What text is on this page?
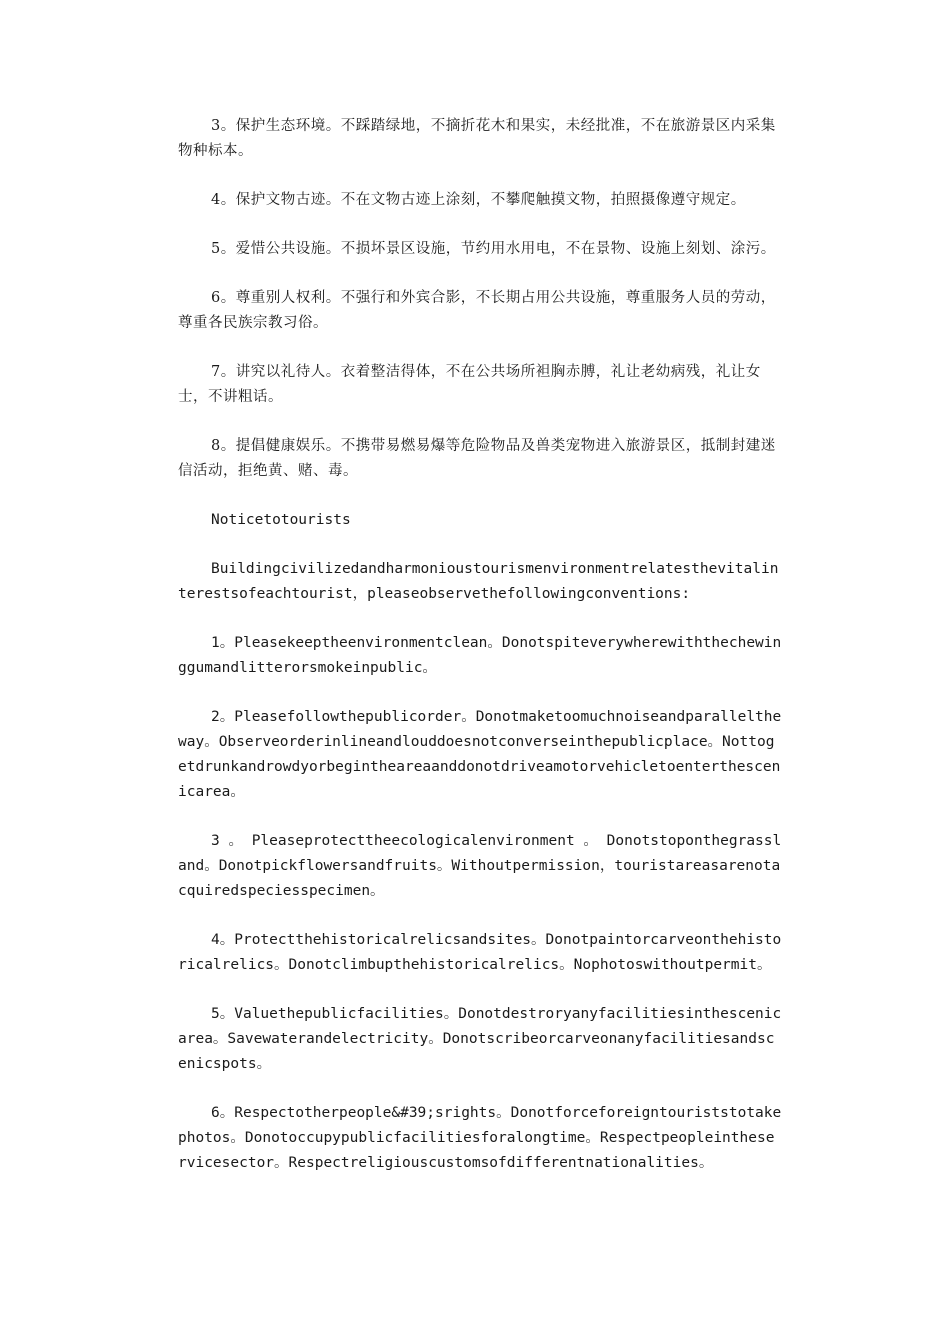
3。保护生态环境。不踩踏绿地，不摘折花木和果实，未经批准，不在旅游景区内采集物种标本。

4。保护文物古迹。不在文物古迹上涂刻，不攀爬触摸文物，拍照摄像遵守规定。

5。爱惜公共设施。不损坏景区设施，节约用水用电，不在景物、设施上刻划、涂污。

6。尊重别人权利。不强行和外宾合影，不长期占用公共设施，尊重服务人员的劳动，尊重各民族宗教习俗。

7。讲究以礼待人。衣着整洁得体，不在公共场所袒胸赤膊，礼让老幼病残，礼让女士，不讲粗话。

8。提倡健康娱乐。不携带易燃易爆等危险物品及兽类宠物进入旅游景区，抵制封建迷信活动，拒绝黄、赌、毒。

Noticetotourists

Buildingcivilizedandharmonioustourismenvironmentrelatesthevitalinterestsofeachtourist，pleaseobservethefollowingconventions:

1。Pleasekeeptheenvironmentclean。Donotspiteverywherewiththechewinggumandlitterorsmokeinpublic。

2。Pleasefollowthepublicorder。Donotmaketoomuchnoiseandparalleltheway。Observeorderinlineandlouddoesnotconverseinthepublicplace。Nottogetdrunkandrowdyorbegintheareaanddonotdriveamotorvehicletoenterthescenicarea。

3 。 Pleaseprotecttheecologicalenvironment 。 Donotstoponthegrassland。Donotpickflowersandfruits。Withoutpermission，touristareasarenotacquiredspeciesspecimen。

4。Protectthehistoricalrelicsandsites。Donotpaintorcarveonthehistoricalrelics。Donotclimbupthehistoricalrelics。Nophotoswithoutpermit。

5。Valuethepublicfacilities。Donotdestroryanyfacilitiesinthescenicarea。Savewaterandelectricity。Donotscribeorcarveonanyfacilitiesandscenicspots。

6。Respectotherpeople&#39;srights。Donotforceforeigntouriststotakephotos。Donotoccupypublicfacilitiesforalongtime。Respectpeopleintheservicesector。Respectreligiouscustomsofdifferentnationalities。
